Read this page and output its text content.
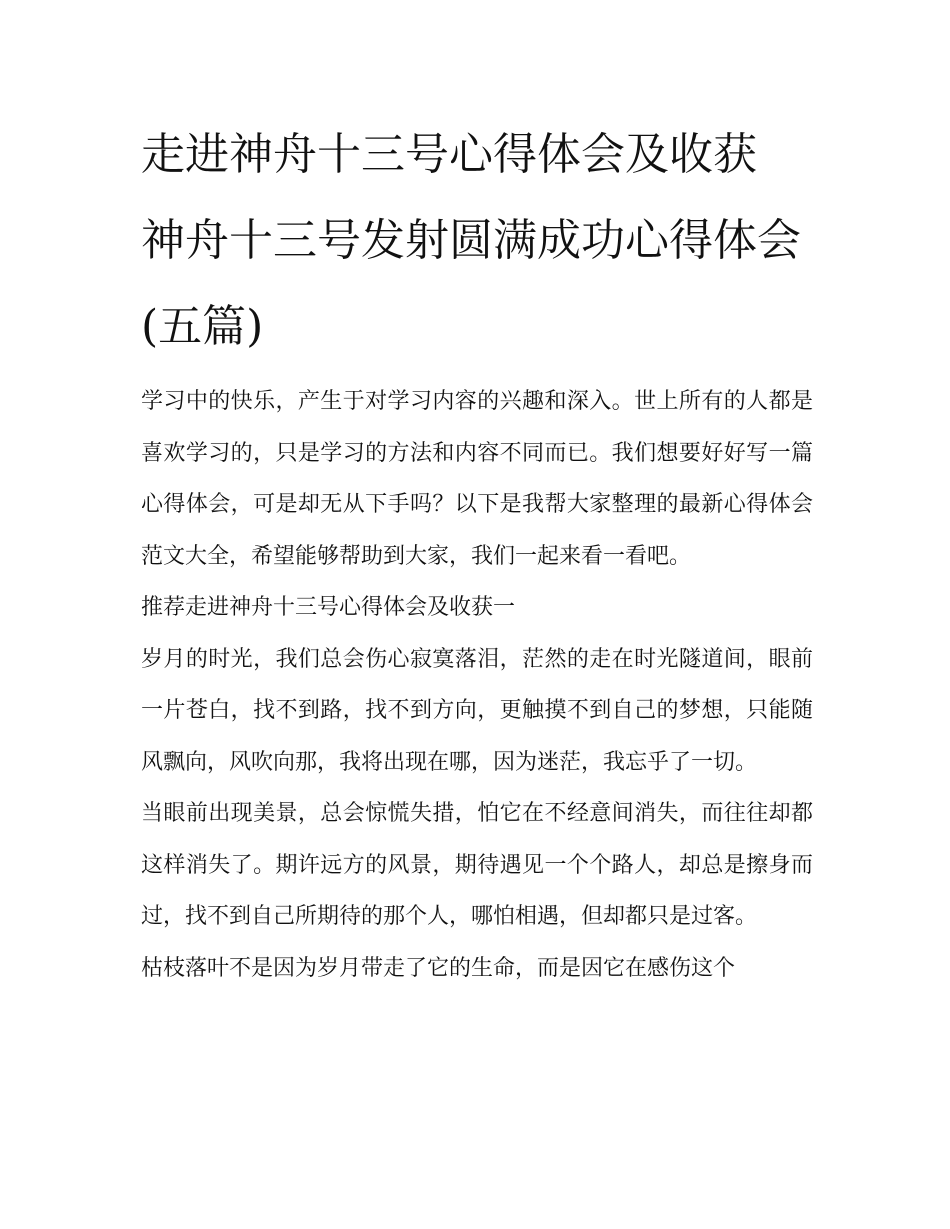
走进神舟十三号心得体会及收获 神舟十三号发射圆满成功心得体会(五篇)

学习中的快乐，产生于对学习内容的兴趣和深入。世上所有的人都是喜欢学习的，只是学习的方法和内容不同而已。我们想要好好写一篇心得体会，可是却无从下手吗？以下是我帮大家整理的最新心得体会范文大全，希望能够帮助到大家，我们一起来看一看吧。

推荐走进神舟十三号心得体会及收获一

岁月的时光，我们总会伤心寂寞落泪，茫然的走在时光隧道间，眼前一片苍白，找不到路，找不到方向，更触摸不到自己的梦想，只能随风飘向，风吹向那，我将出现在哪，因为迷茫，我忘乎了一切。

当眼前出现美景，总会惊慌失措，怕它在不经意间消失，而往往却都这样消失了。期许远方的风景，期待遇见一个个路人，却总是擦身而过，找不到自己所期待的那个人，哪怕相遇，但却都只是过客。

枯枝落叶不是因为岁月带走了它的生命，而是因它在感伤这个
